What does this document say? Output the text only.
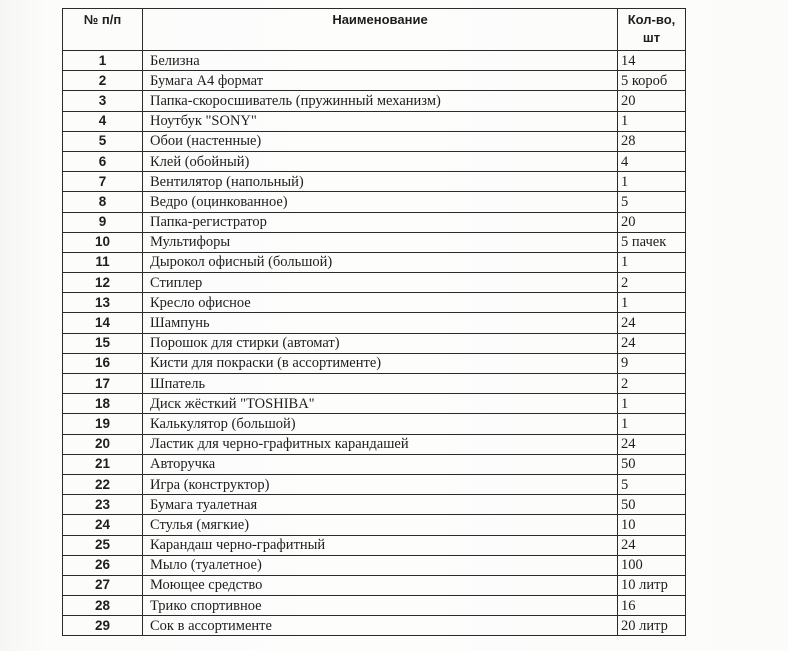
№ п/п	Наименование	Кол-во, шт
1	Белизна	14
2	Бумага А4 формат	5 короб
3	Папка-скоросшиватель (пружинный механизм)	20
4	Ноутбук "SONY"	1
5	Обои (настенные)	28
6	Клей (обойный)	4
7	Вентилятор (напольный)	1
8	Ведро (оцинкованное)	5
9	Папка-регистратор	20
10	Мультифоры	5 пачек
11	Дырокол офисный (большой)	1
12	Стиплер	2
13	Кресло офисное	1
14	Шампунь	24
15	Порошок для стирки (автомат)	24
16	Кисти для покраски (в ассортименте)	9
17	Шпатель	2
18	Диск жёсткий "TOSHIBA"	1
19	Калькулятор (большой)	1
20	Ластик для черно-графитных карандашей	24
21	Авторучка	50
22	Игра (конструктор)	5
23	Бумага туалетная	50
24	Стулья (мягкие)	10
25	Карандаш черно-графитный	24
26	Мыло (туалетное)	100
27	Моющее средство	10 литр
28	Трико спортивное	16
29	Сок в ассортименте	20 литр
